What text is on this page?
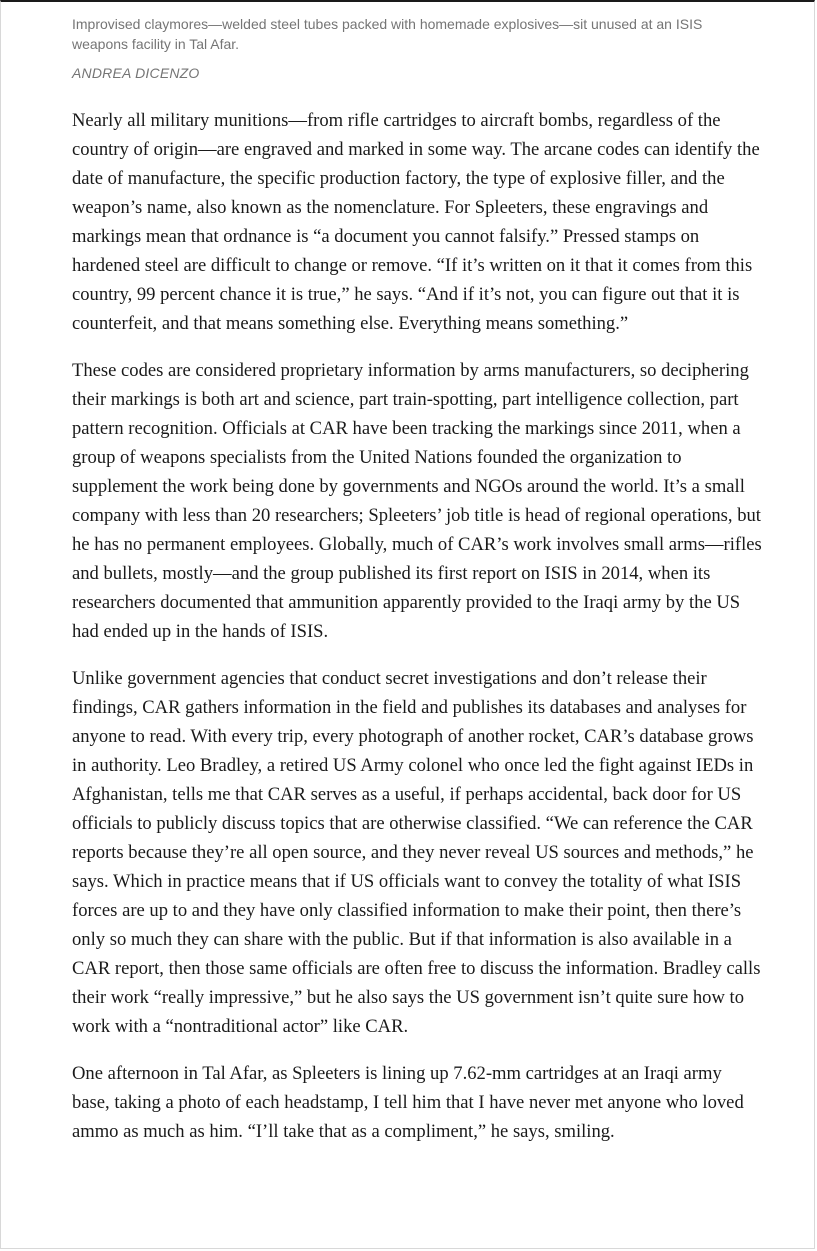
Improvised claymores—welded steel tubes packed with homemade explosives—sit unused at an ISIS weapons facility in Tal Afar.

ANDREA DICENZO

Nearly all military munitions—from rifle cartridges to aircraft bombs, regardless of the country of origin—are engraved and marked in some way. The arcane codes can identify the date of manufacture, the specific production factory, the type of explosive filler, and the weapon’s name, also known as the nomenclature. For Spleeters, these engravings and markings mean that ordnance is “a document you cannot falsify.” Pressed stamps on hardened steel are difficult to change or remove. “If it’s written on it that it comes from this country, 99 percent chance it is true,” he says. “And if it’s not, you can figure out that it is counterfeit, and that means something else. Everything means something.”

These codes are considered proprietary information by arms manufacturers, so deciphering their markings is both art and science, part train-spotting, part intelligence collection, part pattern recognition. Officials at CAR have been tracking the markings since 2011, when a group of weapons specialists from the United Nations founded the organization to supplement the work being done by governments and NGOs around the world. It’s a small company with less than 20 researchers; Spleeters’ job title is head of regional operations, but he has no permanent employees. Globally, much of CAR’s work involves small arms—rifles and bullets, mostly—and the group published its first report on ISIS in 2014, when its researchers documented that ammunition apparently provided to the Iraqi army by the US had ended up in the hands of ISIS.

Unlike government agencies that conduct secret investigations and don’t release their findings, CAR gathers information in the field and publishes its databases and analyses for anyone to read. With every trip, every photograph of another rocket, CAR’s database grows in authority. Leo Bradley, a retired US Army colonel who once led the fight against IEDs in Afghanistan, tells me that CAR serves as a useful, if perhaps accidental, back door for US officials to publicly discuss topics that are otherwise classified. “We can reference the CAR reports because they’re all open source, and they never reveal US sources and methods,” he says. Which in practice means that if US officials want to convey the totality of what ISIS forces are up to and they have only classified information to make their point, then there’s only so much they can share with the public. But if that information is also available in a CAR report, then those same officials are often free to discuss the information. Bradley calls their work “really impressive,” but he also says the US government isn’t quite sure how to work with a “nontraditional actor” like CAR.

One afternoon in Tal Afar, as Spleeters is lining up 7.62-mm cartridges at an Iraqi army base, taking a photo of each headstamp, I tell him that I have never met anyone who loved ammo as much as him. “I’ll take that as a compliment,” he says, smiling.
